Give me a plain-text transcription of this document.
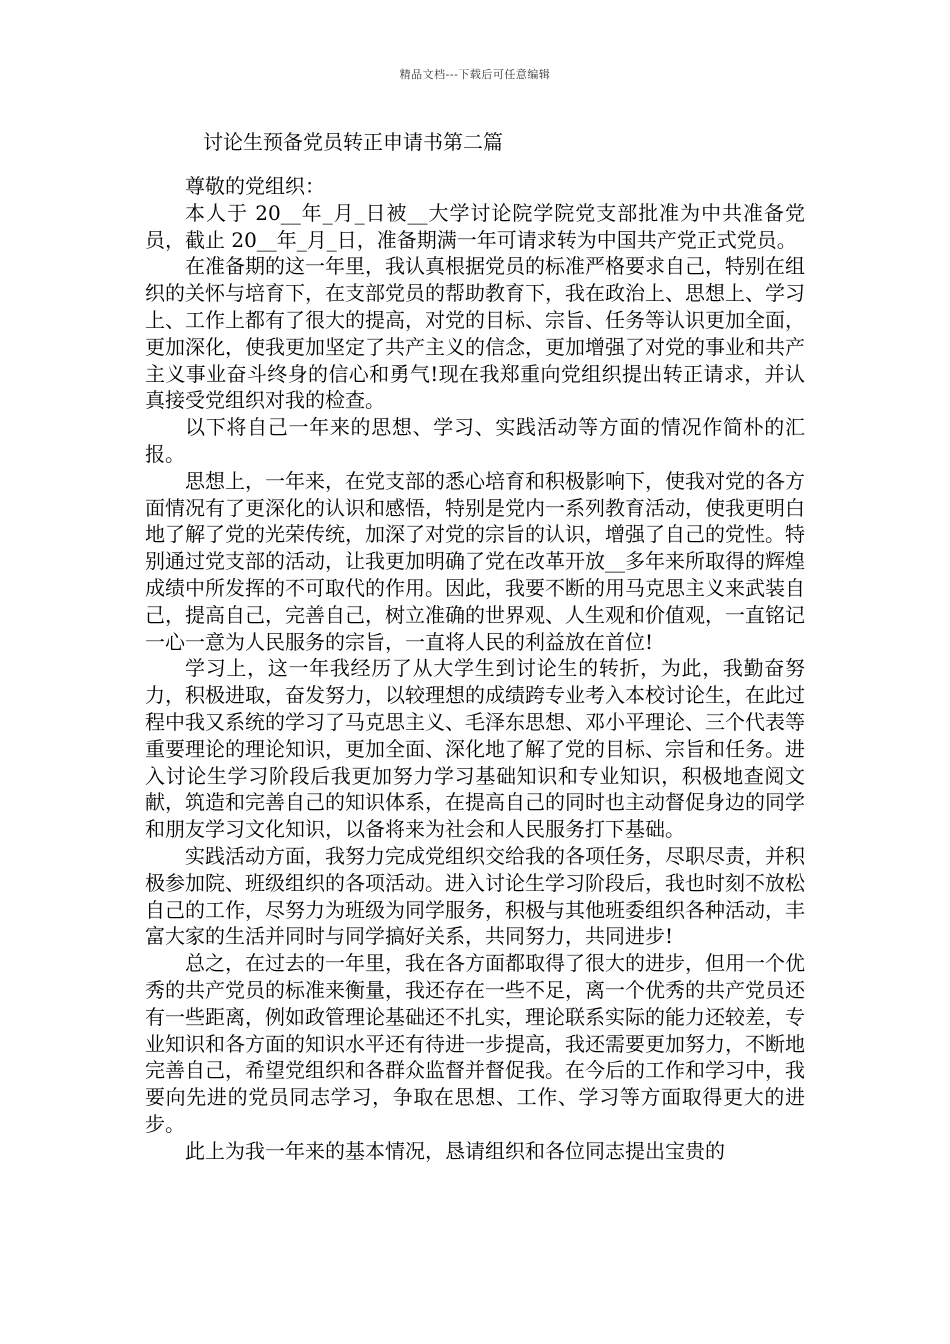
精品文档---下载后可任意编辑
讨论生预备党员转正申请书第二篇

尊敬的党组织：

本人于 20__年_月_日被__大学讨论院学院党支部批准为中共准备党员，截止 20__年_月_日，准备期满一年可请求转为中国共产党正式党员。

在准备期的这一年里，我认真根据党员的标准严格要求自己，特别在组织的关怀与培育下，在支部党员的帮助教育下，我在政治上、思想上、学习上、工作上都有了很大的提高，对党的目标、宗旨、任务等认识更加全面，更加深化，使我更加坚定了共产主义的信念，更加增强了对党的事业和共产主义事业奋斗终身的信心和勇气!现在我郑重向党组织提出转正请求，并认真接受党组织对我的检查。

以下将自己一年来的思想、学习、实践活动等方面的情况作简朴的汇报。

思想上，一年来，在党支部的悉心培育和积极影响下，使我对党的各方面情况有了更深化的认识和感悟，特别是党内一系列教育活动，使我更明白地了解了党的光荣传统，加深了对党的宗旨的认识，增强了自己的党性。特别通过党支部的活动，让我更加明确了党在改革开放__多年来所取得的辉煌成绩中所发挥的不可取代的作用。因此，我要不断的用马克思主义来武装自己，提高自己，完善自己，树立准确的世界观、人生观和价值观，一直铭记一心一意为人民服务的宗旨，一直将人民的利益放在首位!

学习上，这一年我经历了从大学生到讨论生的转折，为此，我勤奋努力，积极进取，奋发努力，以较理想的成绩跨专业考入本校讨论生，在此过程中我又系统的学习了马克思主义、毛泽东思想、邓小平理论、三个代表等重要理论的理论知识，更加全面、深化地了解了党的目标、宗旨和任务。进入讨论生学习阶段后我更加努力学习基础知识和专业知识，积极地查阅文献，筑造和完善自己的知识体系，在提高自己的同时也主动督促身边的同学和朋友学习文化知识，以备将来为社会和人民服务打下基础。

实践活动方面，我努力完成党组织交给我的各项任务，尽职尽责，并积极参加院、班级组织的各项活动。进入讨论生学习阶段后，我也时刻不放松自己的工作，尽努力为班级为同学服务，积极与其他班委组织各种活动，丰富大家的生活并同时与同学搞好关系，共同努力，共同进步!

总之，在过去的一年里，我在各方面都取得了很大的进步，但用一个优秀的共产党员的标准来衡量，我还存在一些不足，离一个优秀的共产党员还有一些距离，例如政管理论基础还不扎实，理论联系实际的能力还较差，专业知识和各方面的知识水平还有待进一步提高，我还需要更加努力，不断地完善自己，希望党组织和各群众监督并督促我。在今后的工作和学习中，我要向先进的党员同志学习，争取在思想、工作、学习等方面取得更大的进步。

此上为我一年来的基本情况，恳请组织和各位同志提出宝贵的
